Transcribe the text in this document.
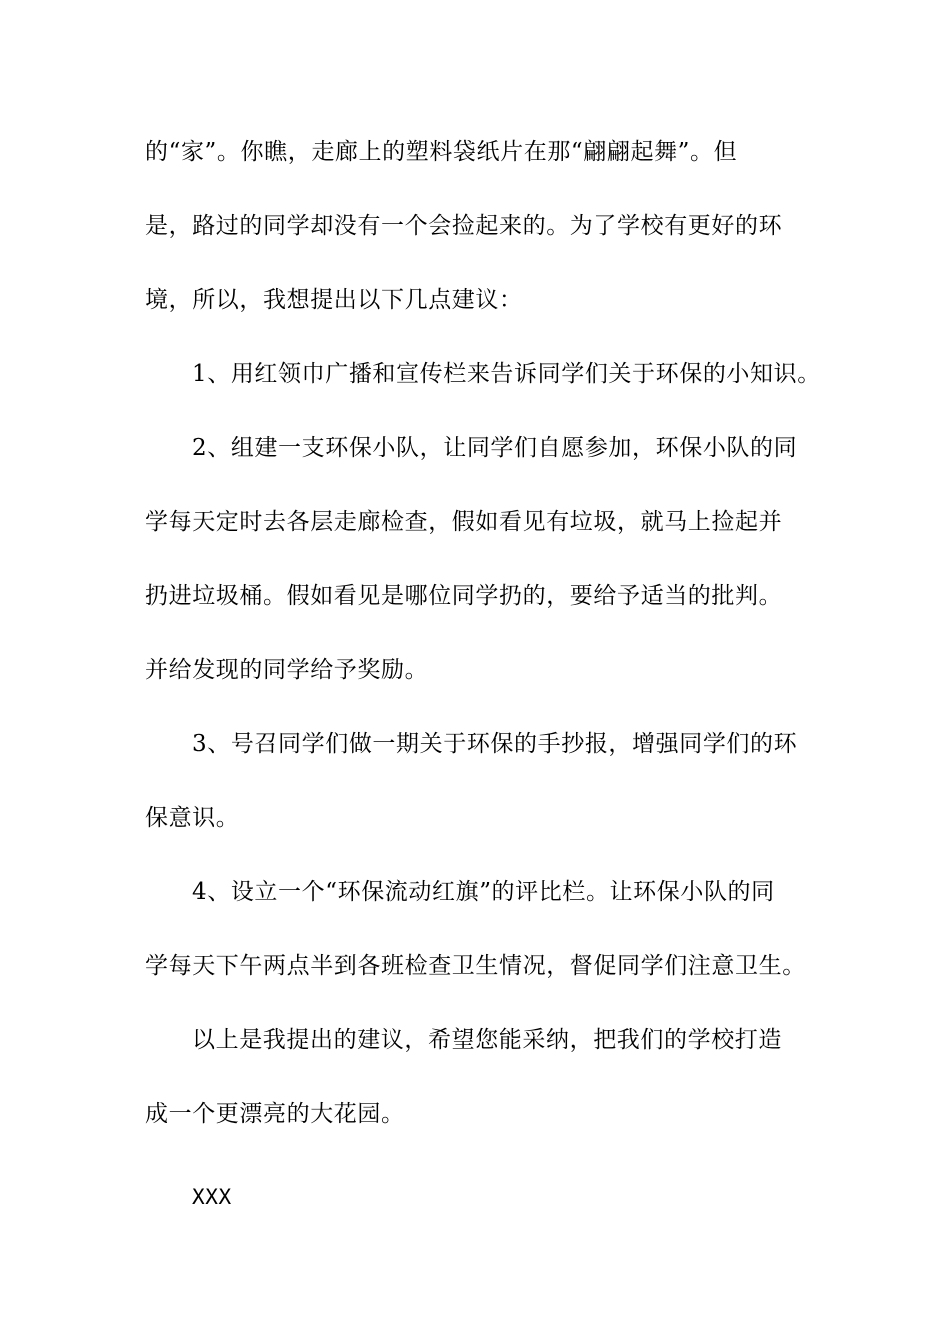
的“家”。你瞧，走廊上的塑料袋纸片在那“翩翩起舞”。但
是，路过的同学却没有一个会捡起来的。为了学校有更好的环
境，所以，我想提出以下几点建议：
1、用红领巾广播和宣传栏来告诉同学们关于环保的小知识。
2、组建一支环保小队，让同学们自愿参加，环保小队的同
学每天定时去各层走廊检查，假如看见有垃圾，就马上捡起并
扔进垃圾桶。假如看见是哪位同学扔的，要给予适当的批判。
并给发现的同学给予奖励。
3、号召同学们做一期关于环保的手抄报，增强同学们的环
保意识。
4、设立一个“环保流动红旗”的评比栏。让环保小队的同
学每天下午两点半到各班检查卫生情况，督促同学们注意卫生。
以上是我提出的建议，希望您能采纳，把我们的学校打造
成一个更漂亮的大花园。
XXX
